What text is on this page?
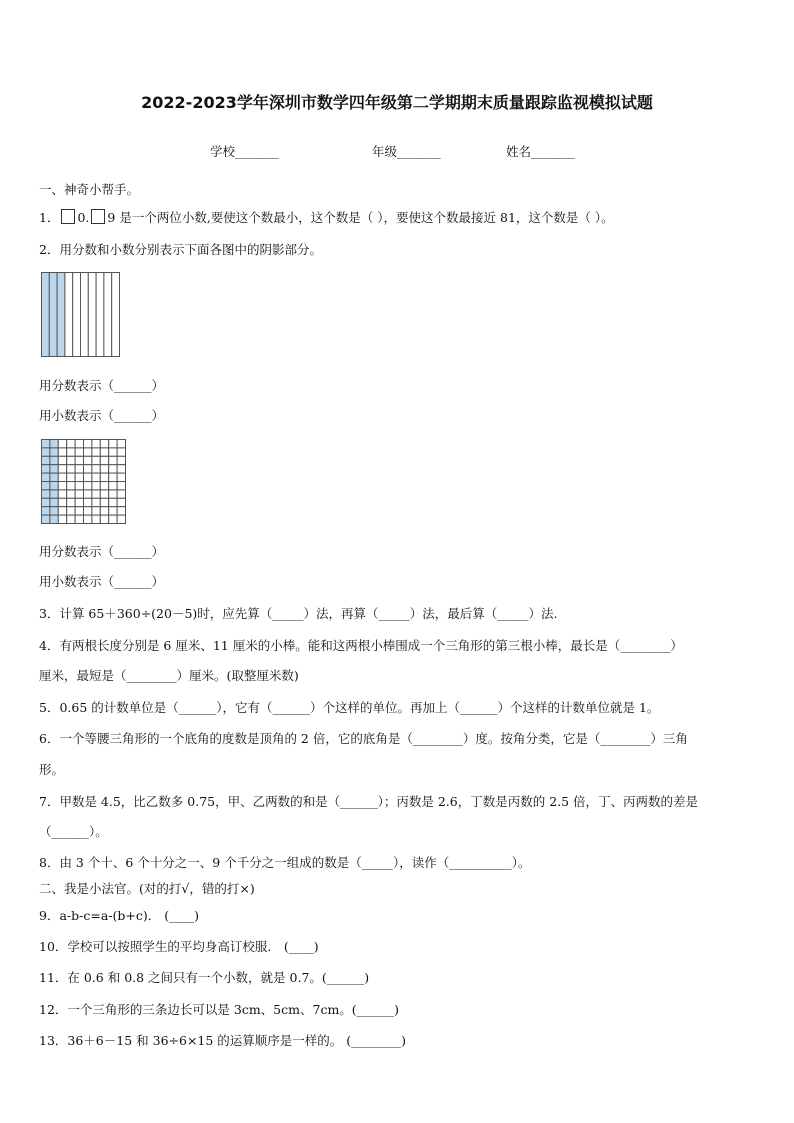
2022-2023学年深圳市数学四年级第二学期期末质量跟踪监视模拟试题
学校_______	年级_______	姓名_______
一、神奇小帮手。
1． 0. 9 是一个两位小数,要使这个数最小，这个数是（ ），要使这个数最接近 81，这个数是（ ）。
2．用分数和小数分别表示下面各图中的阴影部分。
用分数表示（______）
用小数表示（______）
用分数表示（______）
用小数表示（______）
3．计算 65＋360÷(20－5)时，应先算（_____）法，再算（_____）法，最后算（_____）法.
4．有两根长度分别是 6 厘米、11 厘米的小棒。能和这两根小棒围成一个三角形的第三根小棒，最长是（________）
厘米，最短是（________）厘米。(取整厘米数)
5．0.65 的计数单位是（______），它有（______）个这样的单位。再加上（______）个这样的计数单位就是 1。
6．一个等腰三角形的一个底角的度数是顶角的 2 倍，它的底角是（________）度。按角分类，它是（________）三角
形。
7．甲数是 4.5，比乙数多 0.75，甲、乙两数的和是（______）；丙数是 2.6，丁数是丙数的 2.5 倍，丁、丙两数的差是
（______）。
8．由 3 个十、6 个十分之一、9 个千分之一组成的数是（_____），读作（__________）。
二、我是小法官。(对的打√，错的打×)
9．a-b-c=a-(b+c)． (____)
10．学校可以按照学生的平均身高订校服． (____)
11．在 0.6 和 0.8 之间只有一个小数，就是 0.7。(______)
12．一个三角形的三条边长可以是 3cm、5cm、7cm。(______)
13．36＋6－15 和 36÷6×15 的运算顺序是一样的。 (________)
